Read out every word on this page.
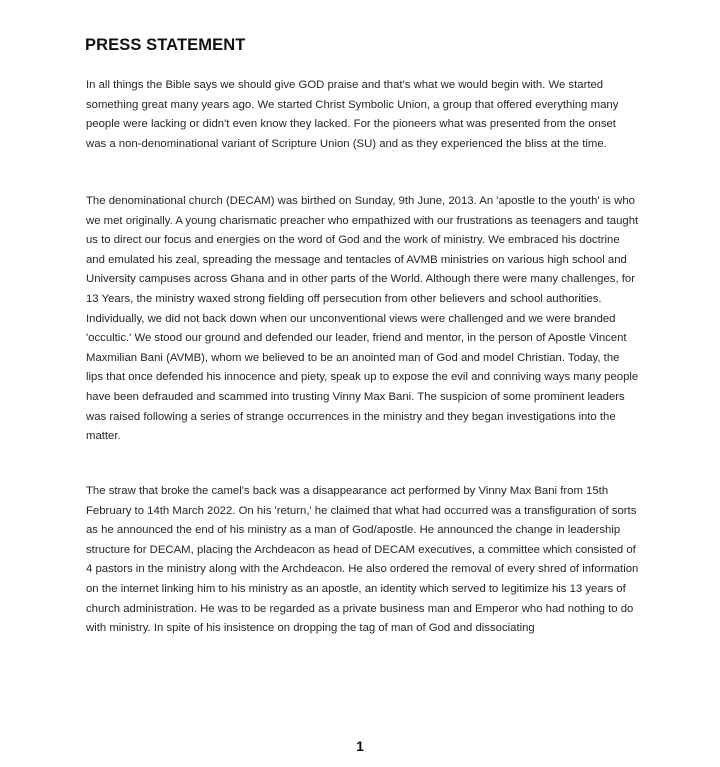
PRESS STATEMENT

In all things the Bible says we should give GOD praise and that's what we would begin with. We started something great many years ago. We started Christ Symbolic Union, a group that offered everything many people were lacking or didn't even know they lacked. For the pioneers what was presented from the onset was a non-denominational variant of Scripture Union (SU) and as they experienced the bliss at the time.

The denominational church (DECAM) was birthed on Sunday, 9th June, 2013. An 'apostle to the youth' is who we met originally. A young charismatic preacher who empathized with our frustrations as teenagers and taught us to direct our focus and energies on the word of God and the work of ministry. We embraced his doctrine and emulated his zeal, spreading the message and tentacles of AVMB ministries on various high school and University campuses across Ghana and in other parts of the World. Although there were many challenges, for 13 Years, the ministry waxed strong fielding off persecution from other believers and school authorities. Individually, we did not back down when our unconventional views were challenged and we were branded 'occultic.' We stood our ground and defended our leader, friend and mentor, in the person of Apostle Vincent Maxmilian Bani (AVMB), whom we believed to be an anointed man of God and model Christian. Today, the lips that once defended his innocence and piety, speak up to expose the evil and conniving ways many people have been defrauded and scammed into trusting Vinny Max Bani. The suspicion of some prominent leaders was raised following a series of strange occurrences in the ministry and they began investigations into the matter.

The straw that broke the camel's back was a disappearance act performed by Vinny Max Bani from 15th February to 14th March 2022. On his 'return,' he claimed that what had occurred was a transfiguration of sorts as he announced the end of his ministry as a man of God/apostle. He announced the change in leadership structure for DECAM, placing the Archdeacon as head of DECAM executives, a committee which consisted of 4 pastors in the ministry along with the Archdeacon. He also ordered the removal of every shred of information on the internet linking him to his ministry as an apostle, an identity which served to legitimize his 13 years of church administration. He was to be regarded as a private business man and Emperor who had nothing to do with ministry. In spite of his insistence on dropping the tag of man of God and dissociating

1
